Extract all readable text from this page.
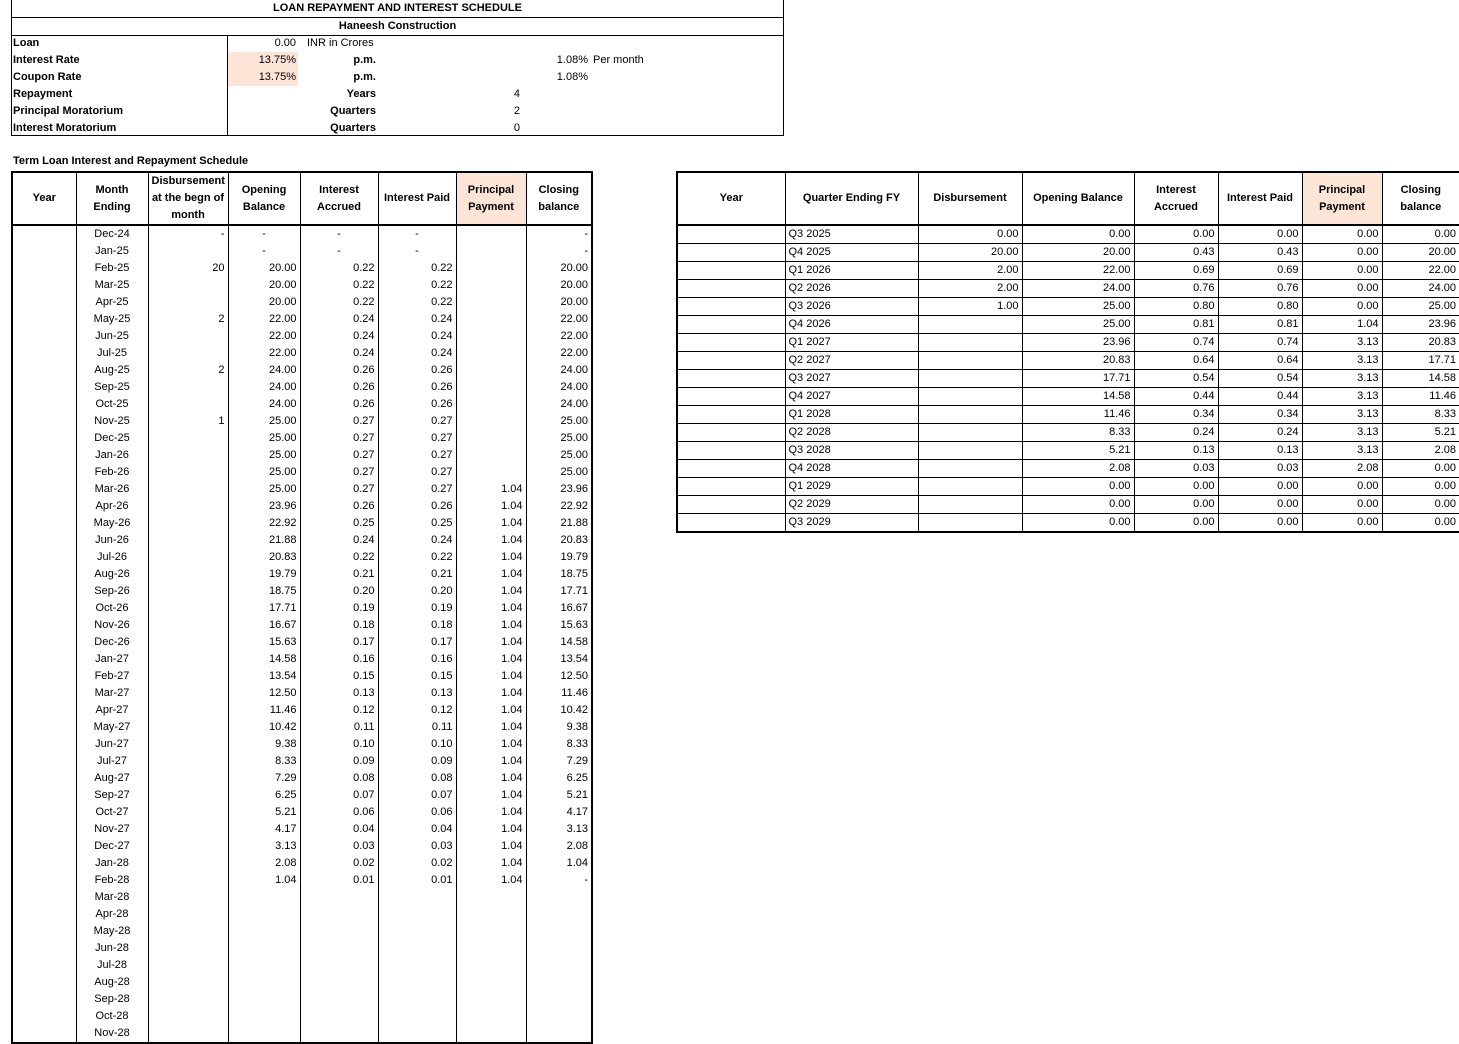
LOAN REPAYMENT AND INTEREST SCHEDULE
Haneesh Construction
Loan	0.00 INR in Crores
Interest Rate	13.75%	p.m.	1.08% Per month
Coupon Rate	13.75%	p.m.	1.08%
Repayment	Years	4
Principal Moratorium	Quarters	2
Interest Moratorium	Quarters	0
Term Loan Interest and Repayment Schedule
Year	Month Ending	Disbursement at the begn of month	Opening Balance	Interest Accrued	Interest Paid	Principal Payment	Closing balance
	Dec-24	-	-	-	-		-
	Jan-25		-	-	-		-
	Feb-25	20	20.00	0.22	0.22		20.00
	Mar-25		20.00	0.22	0.22		20.00
	Apr-25		20.00	0.22	0.22		20.00
	May-25	2	22.00	0.24	0.24		22.00
	Jun-25		22.00	0.24	0.24		22.00
	Jul-25		22.00	0.24	0.24		22.00
	Aug-25	2	24.00	0.26	0.26		24.00
	Sep-25		24.00	0.26	0.26		24.00
	Oct-25		24.00	0.26	0.26		24.00
	Nov-25	1	25.00	0.27	0.27		25.00
	Dec-25		25.00	0.27	0.27		25.00
	Jan-26		25.00	0.27	0.27		25.00
	Feb-26		25.00	0.27	0.27		25.00
	Mar-26		25.00	0.27	0.27	1.04	23.96
	Apr-26		23.96	0.26	0.26	1.04	22.92
	May-26		22.92	0.25	0.25	1.04	21.88
	Jun-26		21.88	0.24	0.24	1.04	20.83
	Jul-26		20.83	0.22	0.22	1.04	19.79
	Aug-26		19.79	0.21	0.21	1.04	18.75
	Sep-26		18.75	0.20	0.20	1.04	17.71
	Oct-26		17.71	0.19	0.19	1.04	16.67
	Nov-26		16.67	0.18	0.18	1.04	15.63
	Dec-26		15.63	0.17	0.17	1.04	14.58
	Jan-27		14.58	0.16	0.16	1.04	13.54
	Feb-27		13.54	0.15	0.15	1.04	12.50
	Mar-27		12.50	0.13	0.13	1.04	11.46
	Apr-27		11.46	0.12	0.12	1.04	10.42
	May-27		10.42	0.11	0.11	1.04	9.38
	Jun-27		9.38	0.10	0.10	1.04	8.33
	Jul-27		8.33	0.09	0.09	1.04	7.29
	Aug-27		7.29	0.08	0.08	1.04	6.25
	Sep-27		6.25	0.07	0.07	1.04	5.21
	Oct-27		5.21	0.06	0.06	1.04	4.17
	Nov-27		4.17	0.04	0.04	1.04	3.13
	Dec-27		3.13	0.03	0.03	1.04	2.08
	Jan-28		2.08	0.02	0.02	1.04	1.04
	Feb-28		1.04	0.01	0.01	1.04	-
	Mar-28						
	Apr-28						
	May-28						
	Jun-28						
	Jul-28						
	Aug-28						
	Sep-28						
	Oct-28						
	Nov-28						
Year	Quarter Ending FY	Disbursement	Opening Balance	Interest Accrued	Interest Paid	Principal Payment	Closing balance
	Q3 2025	0.00	0.00	0.00	0.00	0.00	0.00
	Q4 2025	20.00	20.00	0.43	0.43	0.00	20.00
	Q1 2026	2.00	22.00	0.69	0.69	0.00	22.00
	Q2 2026	2.00	24.00	0.76	0.76	0.00	24.00
	Q3 2026	1.00	25.00	0.80	0.80	0.00	25.00
	Q4 2026		25.00	0.81	0.81	1.04	23.96
	Q1 2027		23.96	0.74	0.74	3.13	20.83
	Q2 2027		20.83	0.64	0.64	3.13	17.71
	Q3 2027		17.71	0.54	0.54	3.13	14.58
	Q4 2027		14.58	0.44	0.44	3.13	11.46
	Q1 2028		11.46	0.34	0.34	3.13	8.33
	Q2 2028		8.33	0.24	0.24	3.13	5.21
	Q3 2028		5.21	0.13	0.13	3.13	2.08
	Q4 2028		2.08	0.03	0.03	2.08	0.00
	Q1 2029		0.00	0.00	0.00	0.00	0.00
	Q2 2029		0.00	0.00	0.00	0.00	0.00
	Q3 2029		0.00	0.00	0.00	0.00	0.00
